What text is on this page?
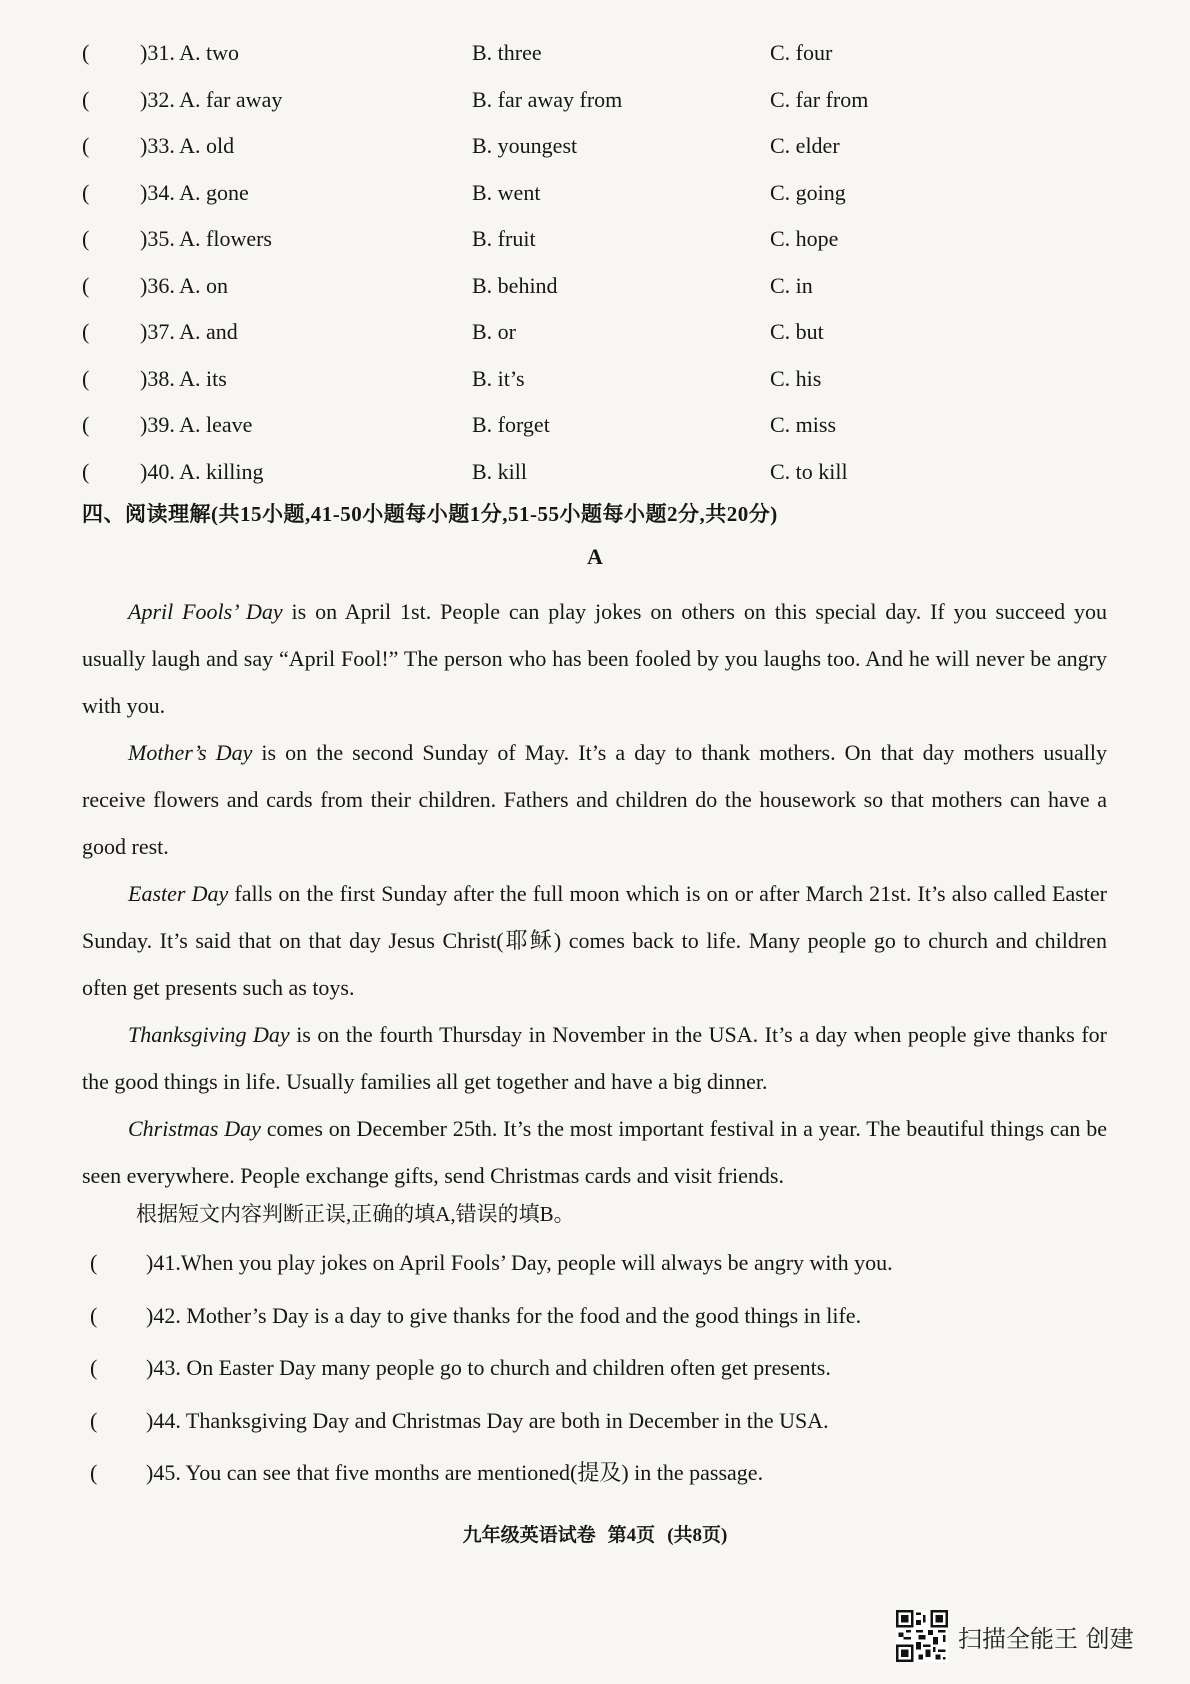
( )31. A. two	B. three	C. four
( )32. A. far away	B. far away from	C. far from
( )33. A. old	B. youngest	C. elder
( )34. A. gone	B. went	C. going
( )35. A. flowers	B. fruit	C. hope
( )36. A. on	B. behind	C. in
( )37. A. and	B. or	C. but
( )38. A. its	B. it’s	C. his
( )39. A. leave	B. forget	C. miss
( )40. A. killing	B. kill	C. to kill
四、阅读理解(共15小题,41-50小题每小题1分,51-55小题每小题2分,共20分)
A

April Fools’ Day is on April 1st. People can play jokes on others on this special day. If you succeed you usually laugh and say “April Fool!” The person who has been fooled by you laughs too. And he will never be angry with you.

Mother’s Day is on the second Sunday of May. It’s a day to thank mothers. On that day mothers usually receive flowers and cards from their children. Fathers and children do the housework so that mothers can have a good rest.

Easter Day falls on the first Sunday after the full moon which is on or after March 21st. It’s also called Easter Sunday. It’s said that on that day Jesus Christ(耶稣) comes back to life. Many people go to church and children often get presents such as toys.

Thanksgiving Day is on the fourth Thursday in November in the USA. It’s a day when people give thanks for the good things in life. Usually families all get together and have a big dinner.

Christmas Day comes on December 25th. It’s the most important festival in a year. The beautiful things can be seen everywhere. People exchange gifts, send Christmas cards and visit friends.

根据短文内容判断正误,正确的填A,错误的填B。
( )41.When you play jokes on April Fools’ Day, people will always be angry with you.
( )42. Mother’s Day is a day to give thanks for the food and the good things in life.
( )43. On Easter Day many people go to church and children often get presents.
( )44. Thanksgiving Day and Christmas Day are both in December in the USA.
( )45. You can see that five months are mentioned(提及) in the passage.
九年级英语试卷 第4页 (共8页)
扫描全能王 创建
